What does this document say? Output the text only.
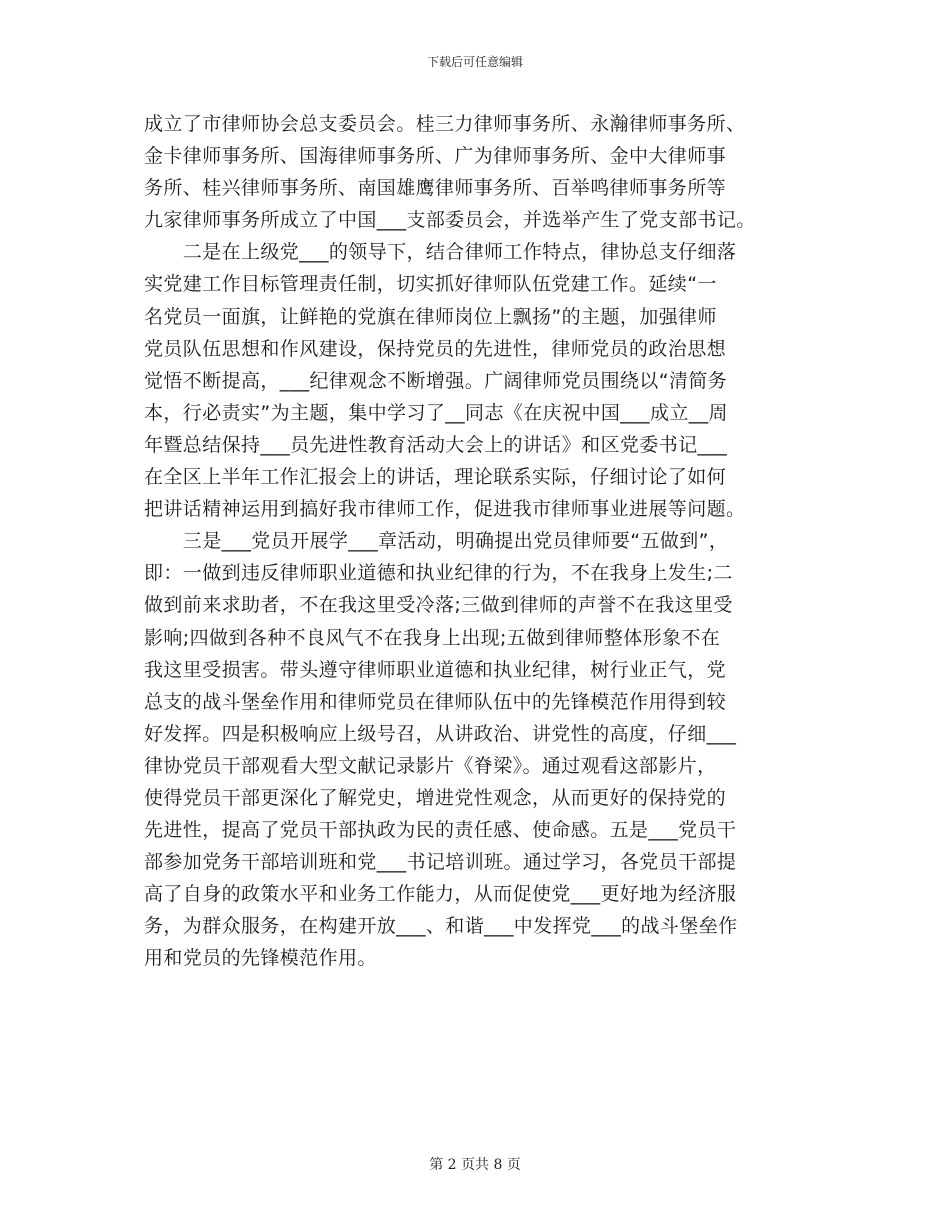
下载后可任意编辑
成立了市律师协会总支委员会。桂三力律师事务所、永瀚律师事务所、
金卡律师事务所、国海律师事务所、广为律师事务所、金中大律师事
务所、桂兴律师事务所、南国雄鹰律师事务所、百举鸣律师事务所等
九家律师事务所成立了中国___支部委员会，并选举产生了党支部书记。
　　二是在上级党___的领导下，结合律师工作特点，律协总支仔细落
实党建工作目标管理责任制，切实抓好律师队伍党建工作。延续“一
名党员一面旗，让鲜艳的党旗在律师岗位上飘扬”的主题，加强律师
党员队伍思想和作风建设，保持党员的先进性，律师党员的政治思想
觉悟不断提高，___纪律观念不断增强。广阔律师党员围绕以“清简务
本，行必责实”为主题，集中学习了__同志《在庆祝中国___成立__周
年暨总结保持___员先进性教育活动大会上的讲话》和区党委书记___
在全区上半年工作汇报会上的讲话，理论联系实际，仔细讨论了如何
把讲话精神运用到搞好我市律师工作，促进我市律师事业进展等问题。
　　三是___党员开展学___章活动，明确提出党员律师要“五做到”，
即：一做到违反律师职业道德和执业纪律的行为，不在我身上发生;二
做到前来求助者，不在我这里受冷落;三做到律师的声誉不在我这里受
影响;四做到各种不良风气不在我身上出现;五做到律师整体形象不在
我这里受损害。带头遵守律师职业道德和执业纪律，树行业正气，党
总支的战斗堡垒作用和律师党员在律师队伍中的先锋模范作用得到较
好发挥。四是积极响应上级号召，从讲政治、讲党性的高度，仔细___
律协党员干部观看大型文献记录影片《脊梁》。通过观看这部影片，
使得党员干部更深化了解党史，增进党性观念，从而更好的保持党的
先进性，提高了党员干部执政为民的责任感、使命感。五是___党员干
部参加党务干部培训班和党___书记培训班。通过学习，各党员干部提
高了自身的政策水平和业务工作能力，从而促使党___更好地为经济服
务，为群众服务，在构建开放___、和谐___中发挥党___的战斗堡垒作
用和党员的先锋模范作用。
第 2 页共 8 页
